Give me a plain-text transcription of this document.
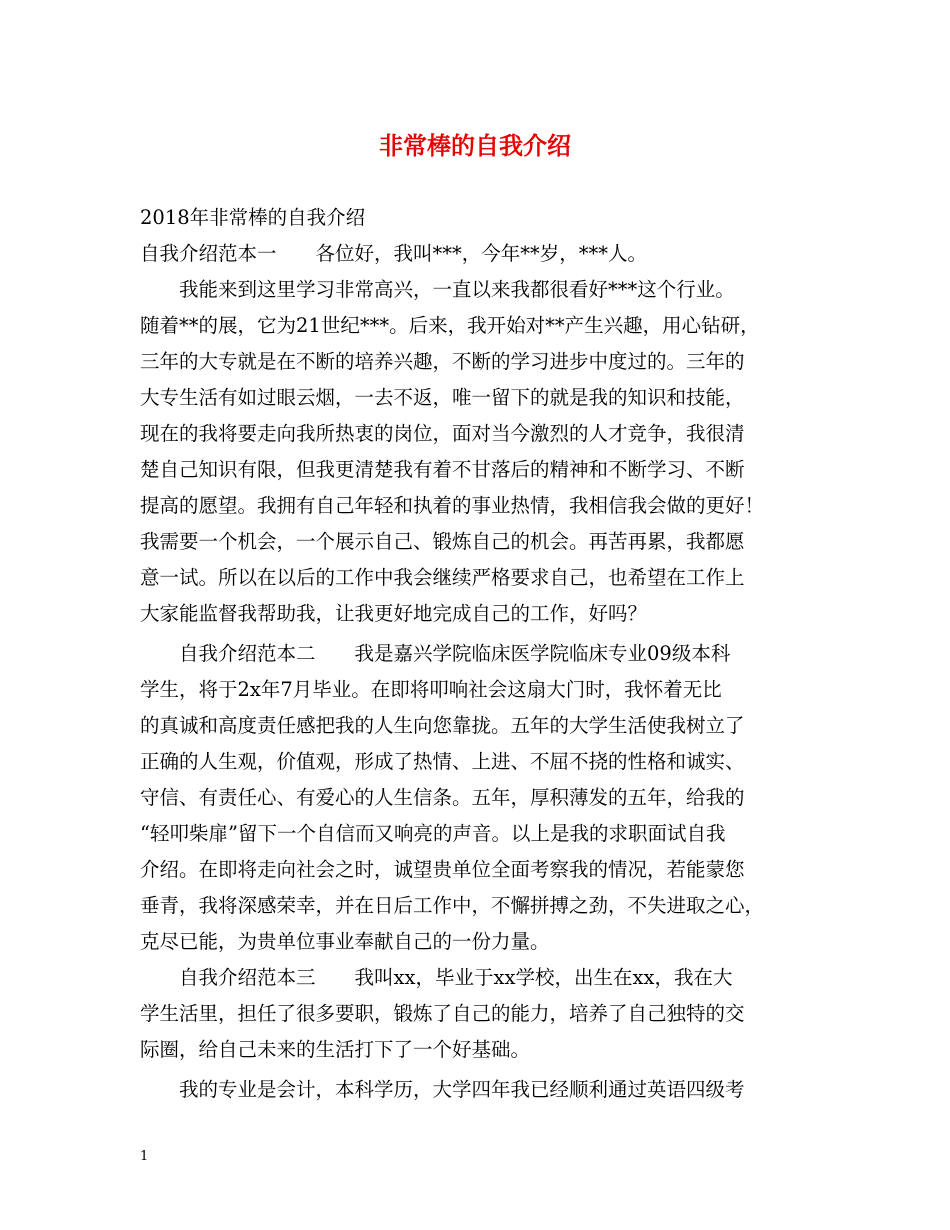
非常棒的自我介绍
2018年非常棒的自我介绍
自我介绍范本一　　各位好，我叫***，今年**岁，***人。
　　我能来到这里学习非常高兴，一直以来我都很看好***这个行业。
随着**的展，它为21世纪***。后来，我开始对**产生兴趣，用心钻研，
三年的大专就是在不断的培养兴趣，不断的学习进步中度过的。三年的
大专生活有如过眼云烟，一去不返，唯一留下的就是我的知识和技能，
现在的我将要走向我所热衷的岗位，面对当今激烈的人才竞争，我很清
楚自己知识有限，但我更清楚我有着不甘落后的精神和不断学习、不断
提高的愿望。我拥有自己年轻和执着的事业热情，我相信我会做的更好！
我需要一个机会，一个展示自己、锻炼自己的机会。再苦再累，我都愿
意一试。所以在以后的工作中我会继续严格要求自己，也希望在工作上
大家能监督我帮助我，让我更好地完成自己的工作，好吗？
　　自我介绍范本二　　我是嘉兴学院临床医学院临床专业09级本科
学生，将于2x年7月毕业。在即将叩响社会这扇大门时，我怀着无比
的真诚和高度责任感把我的人生向您靠拢。五年的大学生活使我树立了
正确的人生观，价值观，形成了热情、上进、不屈不挠的性格和诚实、
守信、有责任心、有爱心的人生信条。五年，厚积薄发的五年，给我的
“轻叩柴扉”留下一个自信而又响亮的声音。以上是我的求职面试自我
介绍。在即将走向社会之时，诚望贵单位全面考察我的情况，若能蒙您
垂青，我将深感荣幸，并在日后工作中，不懈拼搏之劲，不失进取之心，
克尽已能，为贵单位事业奉献自己的一份力量。
　　自我介绍范本三　　我叫xx，毕业于xx学校，出生在xx，我在大
学生活里，担任了很多要职，锻炼了自己的能力，培养了自己独特的交
际圈，给自己未来的生活打下了一个好基础。
　　我的专业是会计，本科学历，大学四年我已经顺利通过英语四级考
1
